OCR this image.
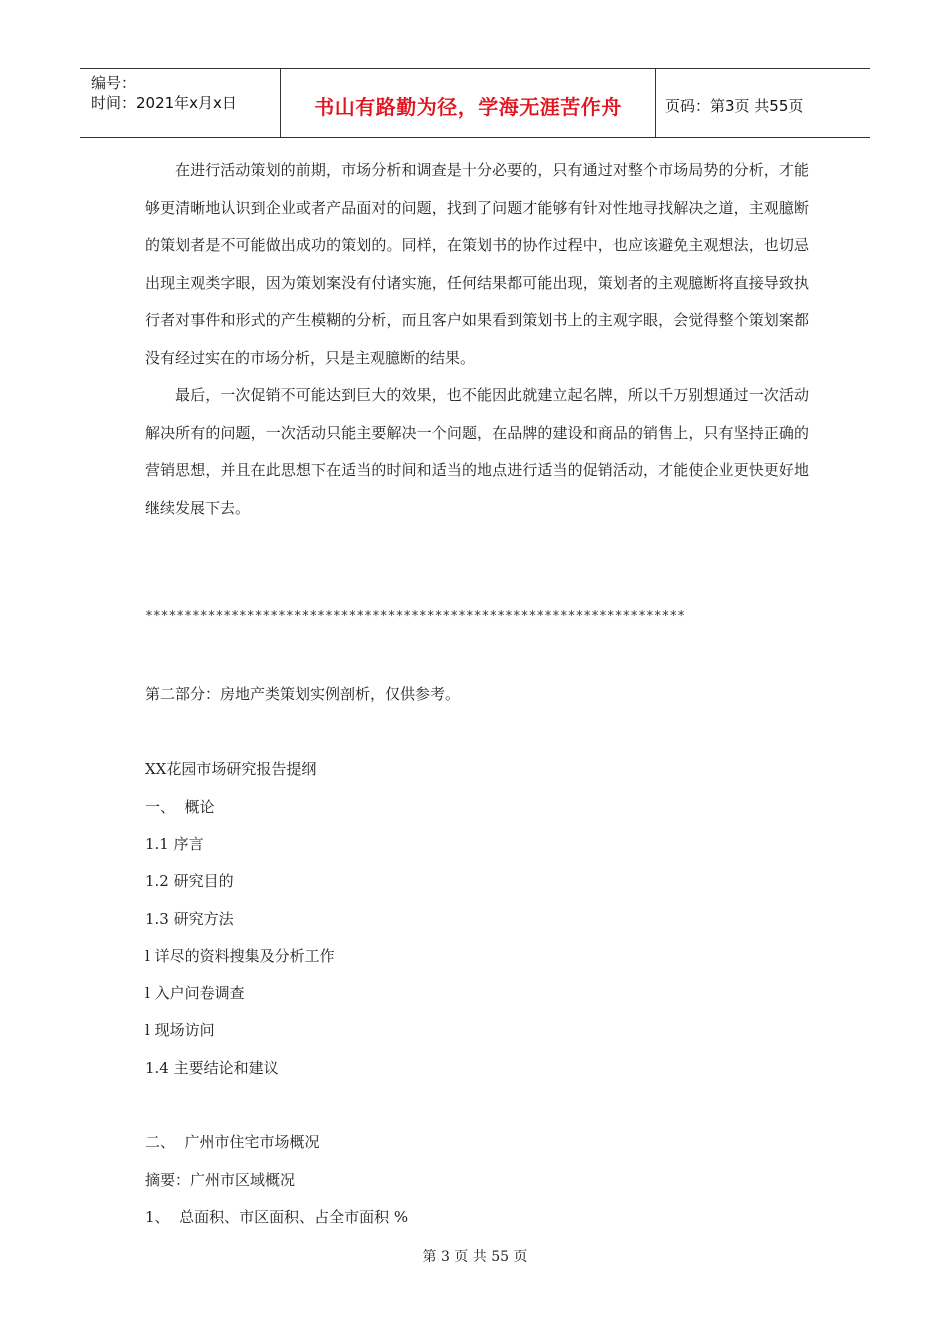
编号：
时间：2021年x月x日	书山有路勤为径，学海无涯苦作舟	页码：第3页 共55页

在进行活动策划的前期，市场分析和调查是十分必要的，只有通过对整个市场局势的分析，才能够更清晰地认识到企业或者产品面对的问题，找到了问题才能够有针对性地寻找解决之道，主观臆断的策划者是不可能做出成功的策划的。同样，在策划书的协作过程中，也应该避免主观想法，也切忌出现主观类字眼，因为策划案没有付诸实施，任何结果都可能出现，策划者的主观臆断将直接导致执行者对事件和形式的产生模糊的分析，而且客户如果看到策划书上的主观字眼，会觉得整个策划案都没有经过实在的市场分析，只是主观臆断的结果。

最后，一次促销不可能达到巨大的效果，也不能因此就建立起名牌，所以千万别想通过一次活动解决所有的问题，一次活动只能主要解决一个问题，在品牌的建设和商品的销售上，只有坚持正确的营销思想，并且在此思想下在适当的时间和适当的地点进行适当的促销活动，才能使企业更快更好地继续发展下去。

*********************************************************************
第二部分：房地产类策划实例剖析，仅供参考。
XX花园市场研究报告提纲
一、  概论
1.1 序言
1.2 研究目的
1.3 研究方法
l 详尽的资料搜集及分析工作
l 入户问卷调查
l 现场访问
1.4 主要结论和建议
二、  广州市住宅市场概况
摘要：广州市区域概况
1、  总面积、市区面积、占全市面积 %
第 3 页 共 55 页
